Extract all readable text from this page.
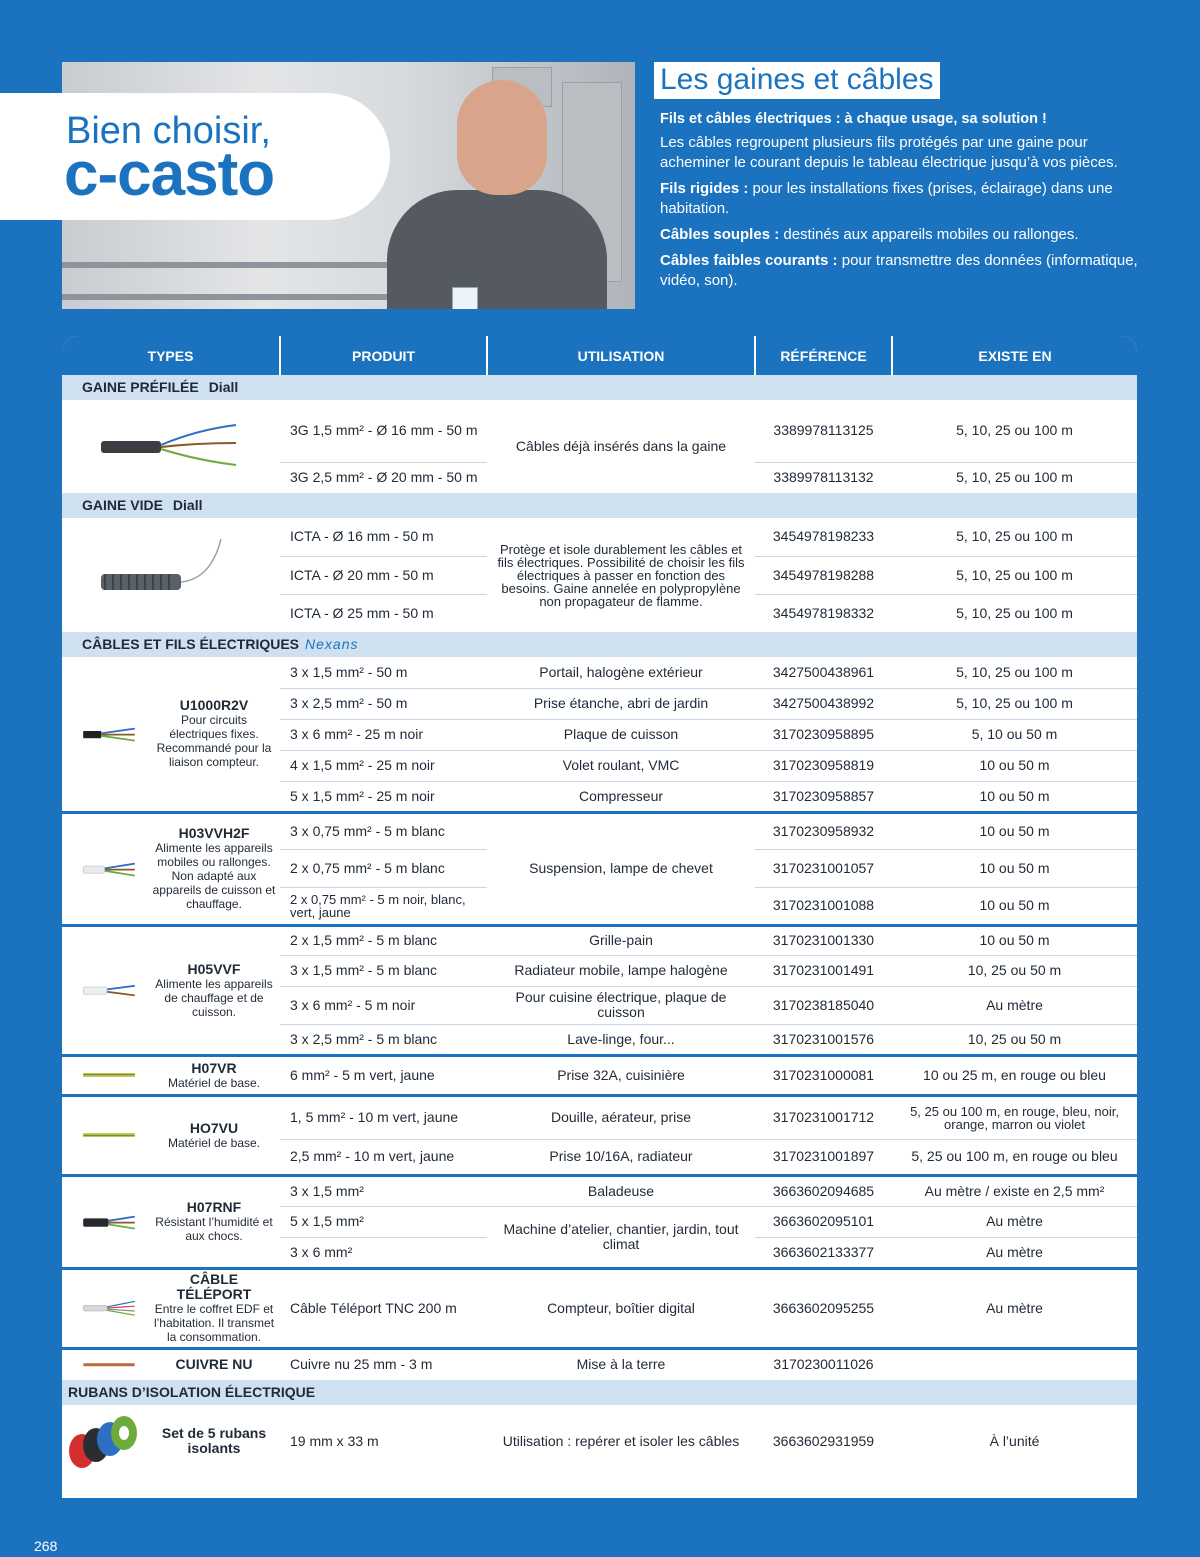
Bien choisir,
c-casto
Les gaines et câbles
Fils et câbles électriques : à chaque usage, sa solution !

Les câbles regroupent plusieurs fils protégés par une gaine pour acheminer le courant depuis le tableau électrique jusqu’à vos pièces.

Fils rigides : pour les installations fixes (prises, éclairage) dans une habitation.

Câbles souples : destinés aux appareils mobiles ou rallonges.

Câbles faibles courants : pour transmettre des données (informatique, vidéo, son).

TYPES	PRODUIT	UTILISATION	RÉFÉRENCE	EXISTE EN
GAINE PRÉFILÉE Diall				
	3G 1,5 mm² - Ø 16 mm - 50 m	Câbles déjà insérés dans la gaine	3389978113125	5, 10, 25 ou 100 m
	3G 2,5 mm² - Ø 20 mm - 50 m		3389978113132	5, 10, 25 ou 100 m
GAINE VIDE Diall				
	ICTA - Ø 16 mm - 50 m	Protège et isole durablement les câbles et fils électriques. Possibilité de choisir les fils électriques à passer en fonction des besoins. Gaine annelée en polypropylène non propagateur de flamme.	3454978198233	5, 10, 25 ou 100 m
	ICTA - Ø 20 mm - 50 m		3454978198288	5, 10, 25 ou 100 m
	ICTA - Ø 25 mm - 50 m		3454978198332	5, 10, 25 ou 100 m
CÂBLES ET FILS ÉLECTRIQUES Nexans				

U1000R2V
Pour circuits électriques fixes. Recommandé pour la liaison compteur.	3 x 1,5 mm² - 50 m	Portail, halogène extérieur	3427500438961	5, 10, 25 ou 100 m
	3 x 2,5 mm² - 50 m	Prise étanche, abri de jardin	3427500438992	5, 10, 25 ou 100 m
	3 x 6 mm² - 25 m noir	Plaque de cuisson	3170230958895	5, 10 ou 50 m
	4 x 1,5 mm² - 25 m noir	Volet roulant, VMC	3170230958819	10 ou 50 m
	5 x 1,5 mm² - 25 m noir	Compresseur	3170230958857	10 ou 50 m

H03VVH2F
Alimente les appareils mobiles ou rallonges. Non adapté aux appareils de cuisson et chauffage.	3 x 0,75 mm² - 5 m blanc	Suspension, lampe de chevet	3170230958932	10 ou 50 m
	2 x 0,75 mm² - 5 m blanc		3170231001057	10 ou 50 m
	2 x 0,75 mm² - 5 m noir, blanc, vert, jaune		3170231001088	10 ou 50 m

H05VVF
Alimente les appareils de chauffage et de cuisson.	2 x 1,5 mm² - 5 m blanc	Grille-pain	3170231001330	10 ou 50 m
	3 x 1,5 mm² - 5 m blanc	Radiateur mobile, lampe halogène	3170231001491	10, 25 ou 50 m
	3 x 6 mm² - 5 m noir	Pour cuisine électrique, plaque de cuisson	3170238185040	Au mètre
	3 x 2,5 mm² - 5 m blanc	Lave-linge, four...	3170231001576	10, 25 ou 50 m

H07VR
Matériel de base.	6 mm² - 5 m vert, jaune	Prise 32A, cuisinière	3170231000081	10 ou 25 m, en rouge ou bleu

HO7VU
Matériel de base.	1, 5 mm² - 10 m vert, jaune	Douille, aérateur, prise	3170231001712	5, 25 ou 100 m, en rouge, bleu, noir, orange, marron ou violet
	2,5 mm² - 10 m vert, jaune	Prise 10/16A, radiateur	3170231001897	5, 25 ou 100 m, en rouge ou bleu

H07RNF
Résistant l’humidité et aux chocs.	3 x 1,5 mm²	Baladeuse	3663602094685	Au mètre / existe en 2,5 mm²
	5 x 1,5 mm²	Machine d’atelier, chantier, jardin, tout climat	3663602095101	Au mètre
	3 x 6 mm²		3663602133377	Au mètre

CÂBLE TÉLÉPORT
Entre le coffret EDF et l’habitation. Il transmet la consommation.	Câble Téléport TNC 200 m	Compteur, boîtier digital	3663602095255	Au mètre

CUIVRE NU	Cuivre nu 25 mm - 3 m	Mise à la terre	3170230011026	
RUBANS D’ISOLATION ÉLECTRIQUE				

Set de 5 rubans isolants	19 mm x 33 m	Utilisation : repérer et isoler les câbles	3663602931959	À l’unité
268
